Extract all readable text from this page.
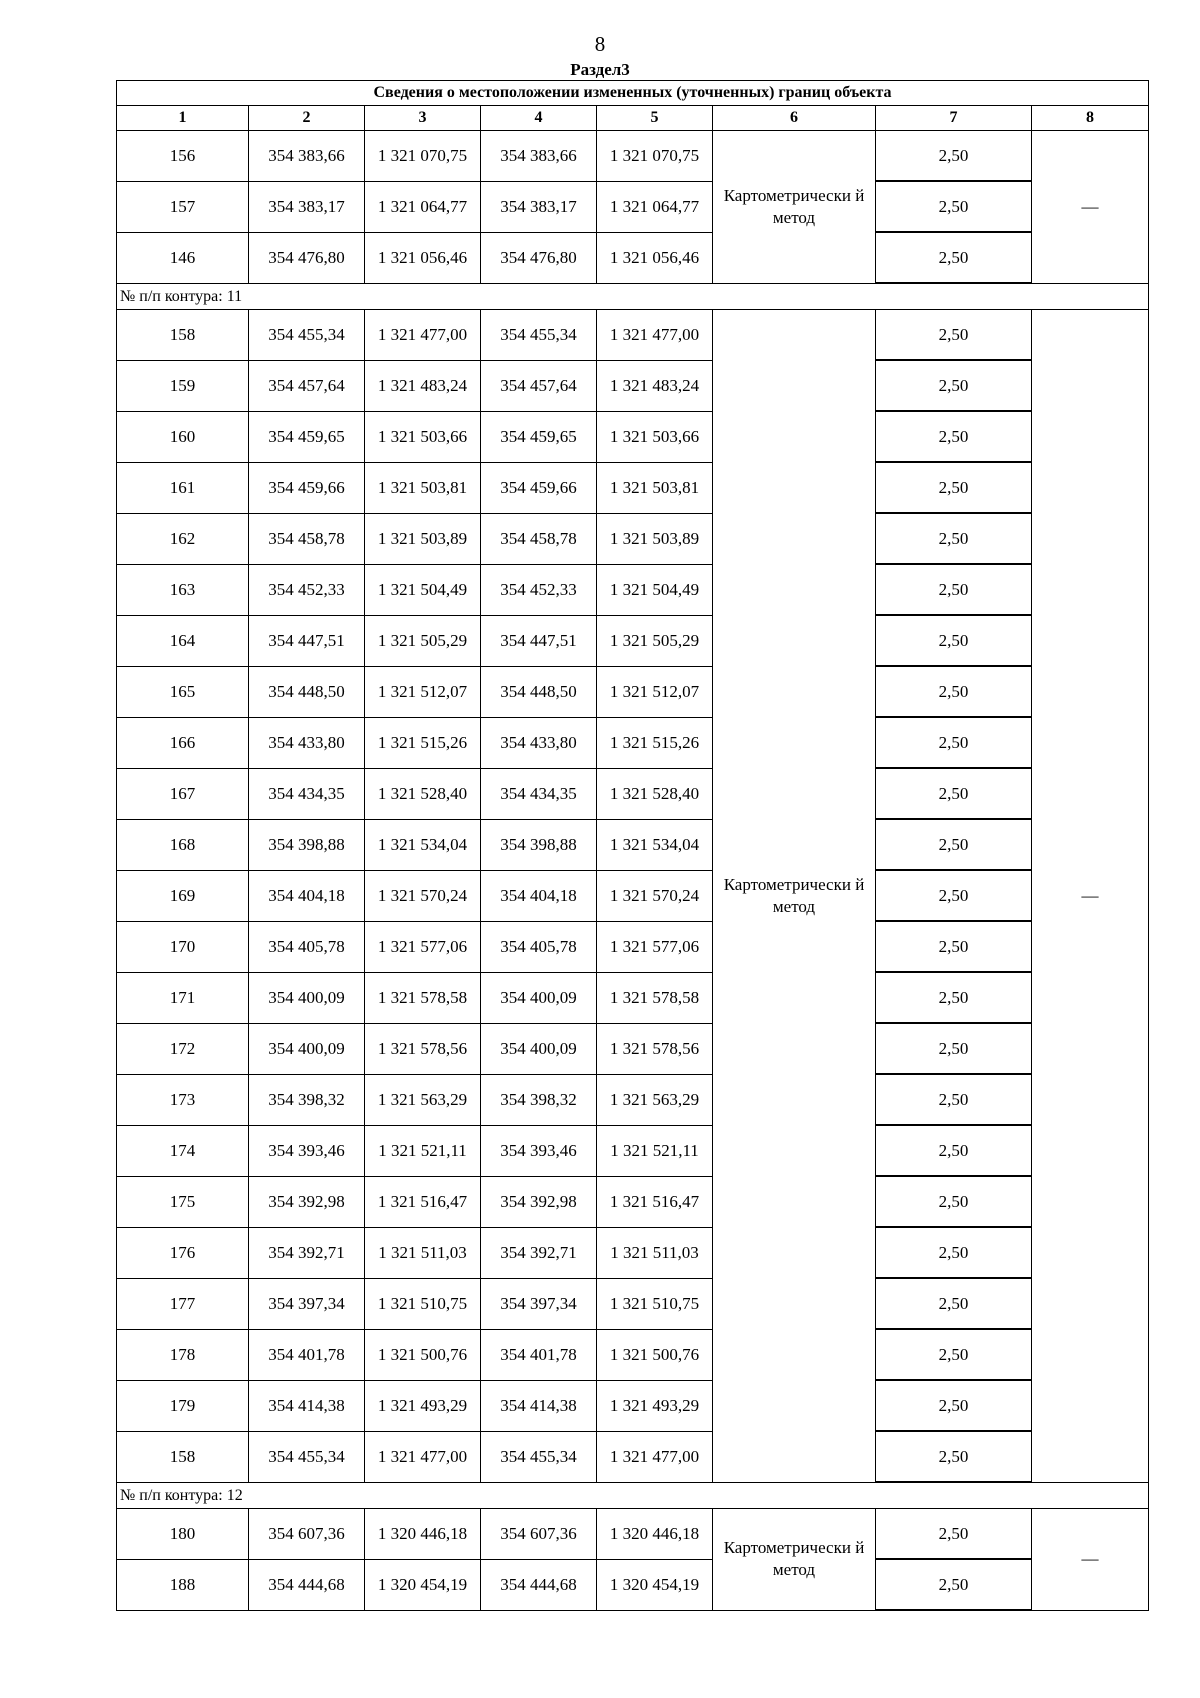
8
Раздел3
Сведения о местоположении измененных (уточненных) границ объекта							
1	2	3	4	5	6	7	8
156	354 383,66	1 321 070,75	354 383,66	1 321 070,75	Картометрически й метод	2,50	—
157	354 383,17	1 321 064,77	354 383,17	1 321 064,77		2,50	
146	354 476,80	1 321 056,46	354 476,80	1 321 056,46		2,50	
№ п/п контура: 11							
158	354 455,34	1 321 477,00	354 455,34	1 321 477,00	Картометрически й метод	2,50	—
159	354 457,64	1 321 483,24	354 457,64	1 321 483,24		2,50	
160	354 459,65	1 321 503,66	354 459,65	1 321 503,66		2,50	
161	354 459,66	1 321 503,81	354 459,66	1 321 503,81		2,50	
162	354 458,78	1 321 503,89	354 458,78	1 321 503,89		2,50	
163	354 452,33	1 321 504,49	354 452,33	1 321 504,49		2,50	
164	354 447,51	1 321 505,29	354 447,51	1 321 505,29		2,50	
165	354 448,50	1 321 512,07	354 448,50	1 321 512,07		2,50	
166	354 433,80	1 321 515,26	354 433,80	1 321 515,26		2,50	
167	354 434,35	1 321 528,40	354 434,35	1 321 528,40		2,50	
168	354 398,88	1 321 534,04	354 398,88	1 321 534,04		2,50	
169	354 404,18	1 321 570,24	354 404,18	1 321 570,24		2,50	
170	354 405,78	1 321 577,06	354 405,78	1 321 577,06		2,50	
171	354 400,09	1 321 578,58	354 400,09	1 321 578,58		2,50	
172	354 400,09	1 321 578,56	354 400,09	1 321 578,56		2,50	
173	354 398,32	1 321 563,29	354 398,32	1 321 563,29		2,50	
174	354 393,46	1 321 521,11	354 393,46	1 321 521,11		2,50	
175	354 392,98	1 321 516,47	354 392,98	1 321 516,47		2,50	
176	354 392,71	1 321 511,03	354 392,71	1 321 511,03		2,50	
177	354 397,34	1 321 510,75	354 397,34	1 321 510,75		2,50	
178	354 401,78	1 321 500,76	354 401,78	1 321 500,76		2,50	
179	354 414,38	1 321 493,29	354 414,38	1 321 493,29		2,50	
158	354 455,34	1 321 477,00	354 455,34	1 321 477,00		2,50	
№ п/п контура: 12							
180	354 607,36	1 320 446,18	354 607,36	1 320 446,18	Картометрически й метод	2,50	—
188	354 444,68	1 320 454,19	354 444,68	1 320 454,19		2,50	
